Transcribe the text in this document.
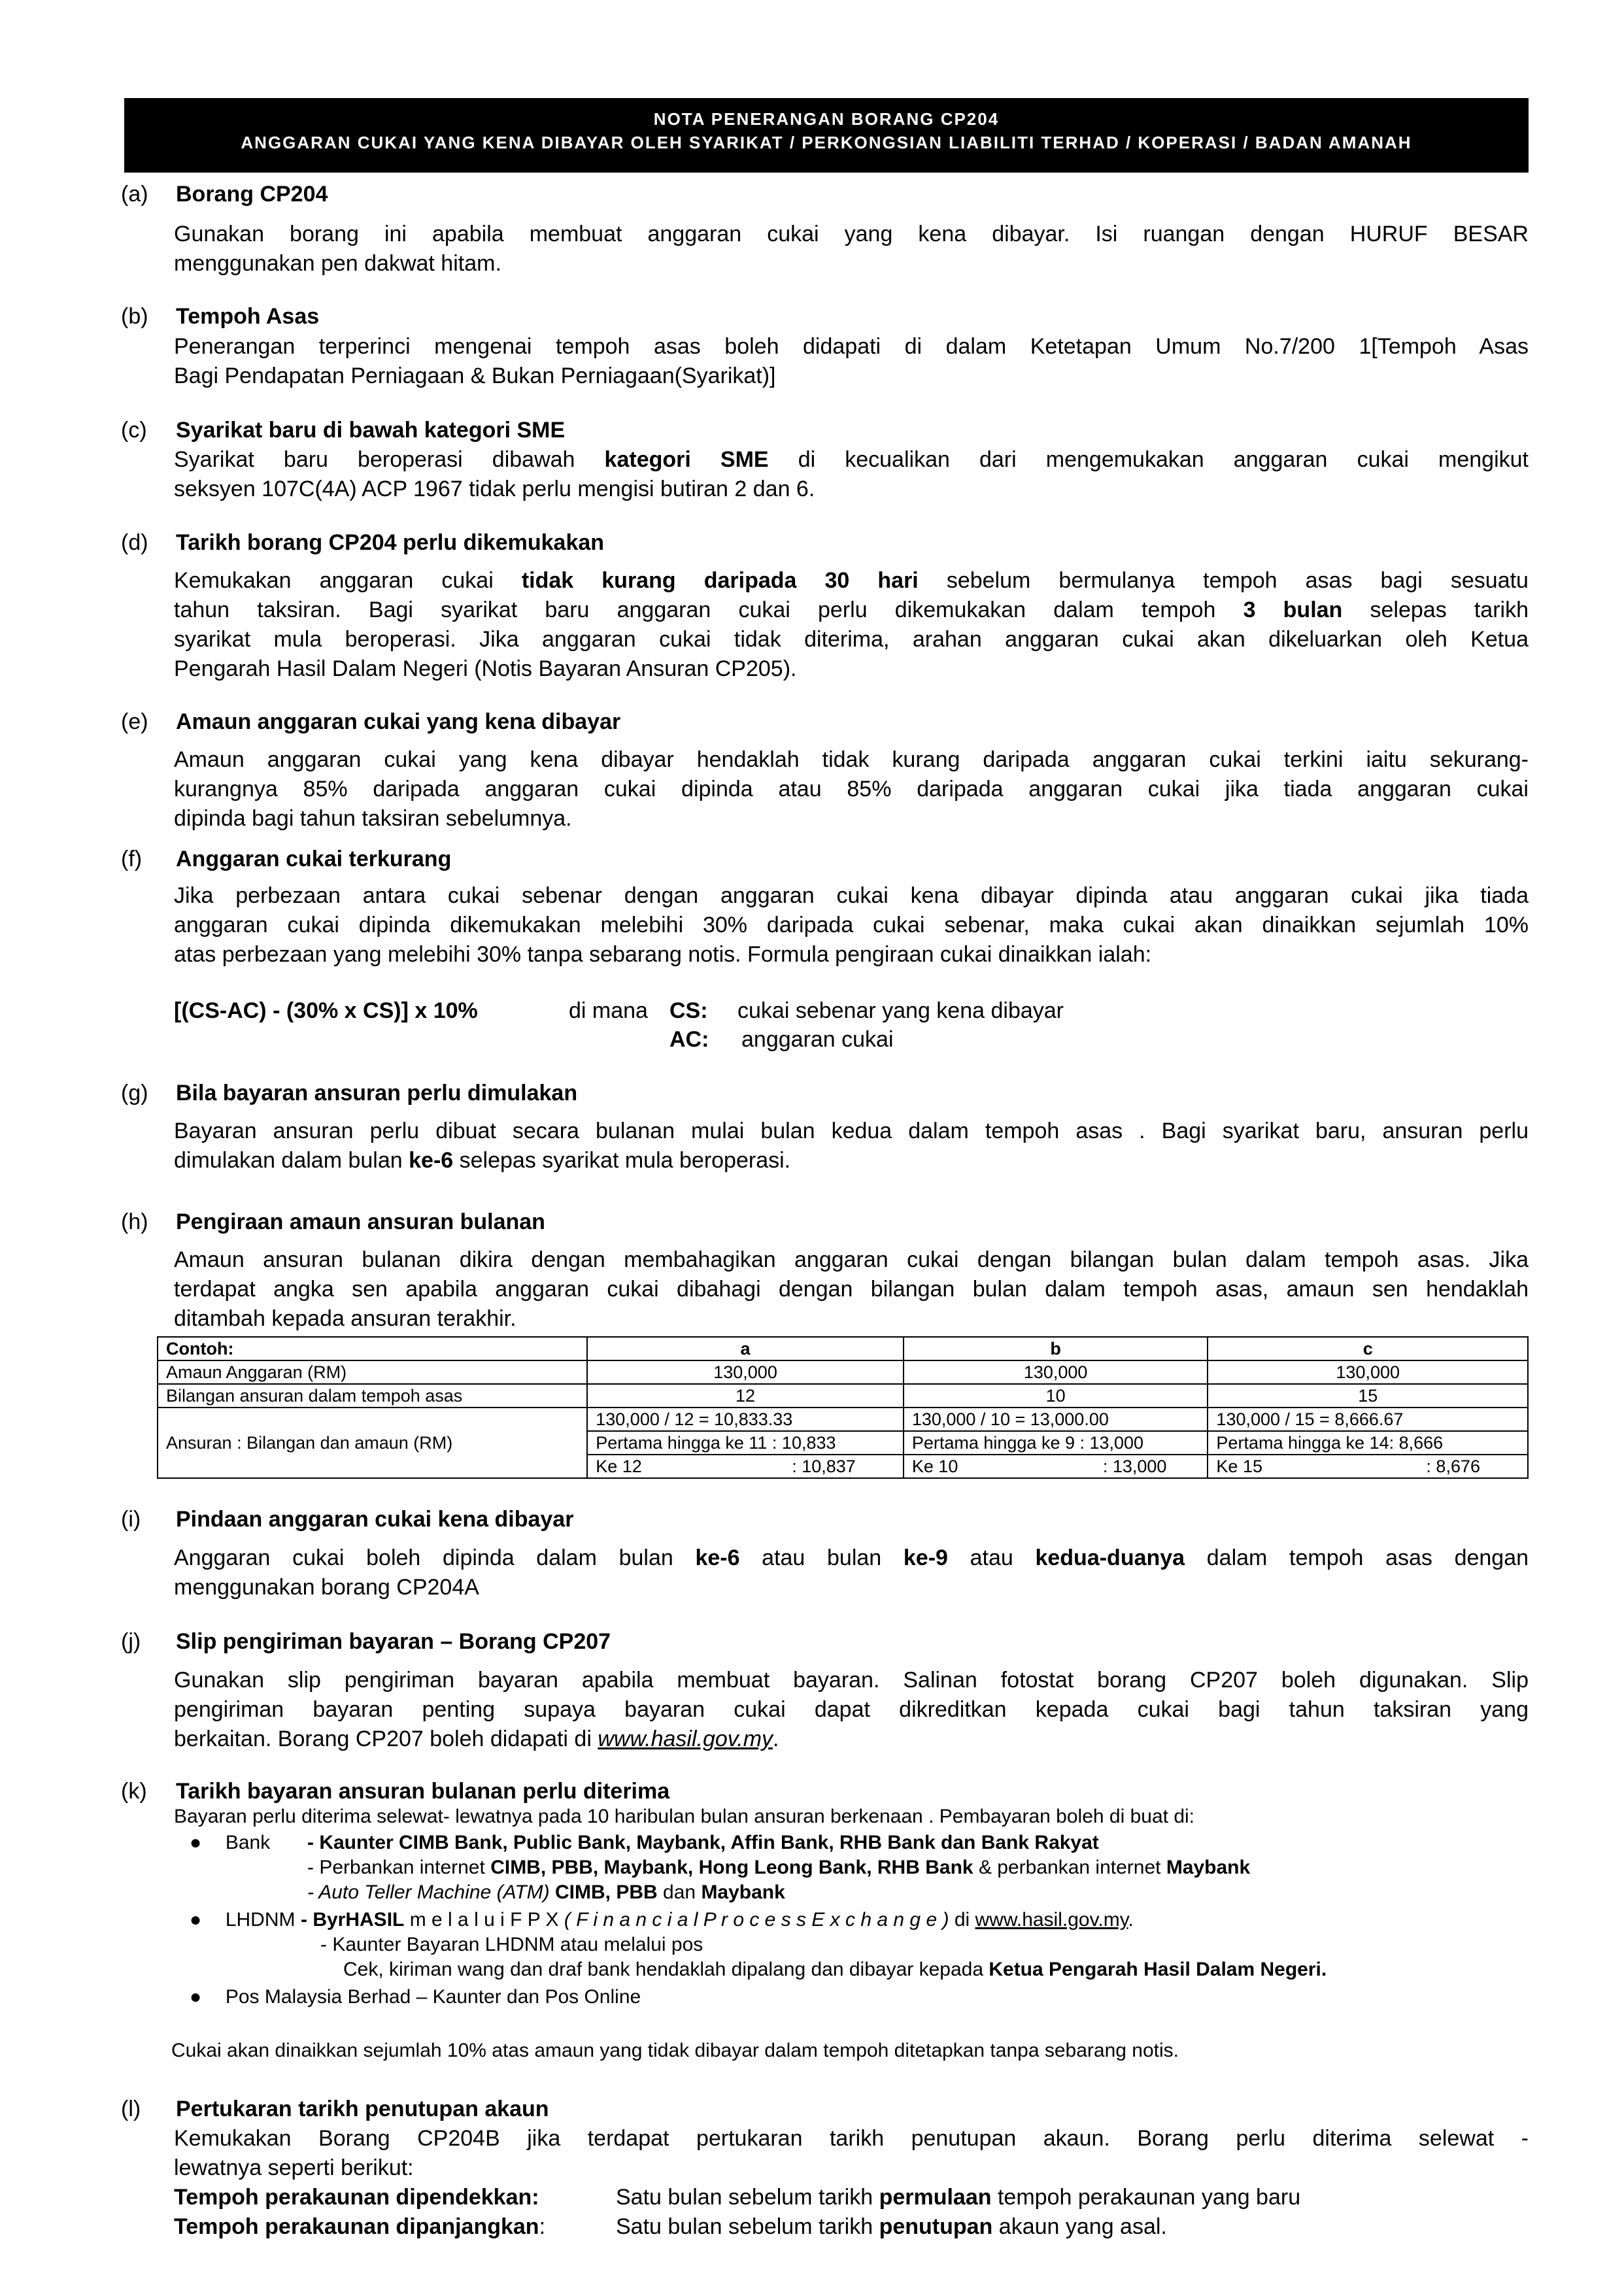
NOTA PENERANGAN BORANG CP204
ANGGARAN CUKAI YANG KENA DIBAYAR OLEH SYARIKAT / PERKONGSIAN LIABILITI TERHAD / KOPERASI / BADAN AMANAH
(a) Borang CP204
Gunakan borang ini apabila membuat anggaran cukai yang kena dibayar. Isi ruangan dengan HURUF BESAR
menggunakan pen dakwat hitam.
(b) Tempoh Asas
Penerangan terperinci mengenai tempoh asas boleh didapati di dalam Ketetapan Umum No.7/200 1[Tempoh Asas
Bagi Pendapatan Perniagaan & Bukan Perniagaan(Syarikat)]
(c) Syarikat baru di bawah kategori SME
Syarikat baru beroperasi dibawah kategori SME di kecualikan dari mengemukakan anggaran cukai mengikut
seksyen 107C(4A) ACP 1967 tidak perlu mengisi butiran 2 dan 6.
(d) Tarikh borang CP204 perlu dikemukakan
Kemukakan anggaran cukai tidak kurang daripada 30 hari sebelum bermulanya tempoh asas bagi sesuatu
tahun taksiran. Bagi syarikat baru anggaran cukai perlu dikemukakan dalam tempoh 3 bulan selepas tarikh
syarikat mula beroperasi. Jika anggaran cukai tidak diterima, arahan anggaran cukai akan dikeluarkan oleh Ketua
Pengarah Hasil Dalam Negeri (Notis Bayaran Ansuran CP205).
(e) Amaun anggaran cukai yang kena dibayar
Amaun anggaran cukai yang kena dibayar hendaklah tidak kurang daripada anggaran cukai terkini iaitu sekurang-
kurangnya 85% daripada anggaran cukai dipinda atau 85% daripada anggaran cukai jika tiada anggaran cukai
dipinda bagi tahun taksiran sebelumnya.
(f) Anggaran cukai terkurang
Jika perbezaan antara cukai sebenar dengan anggaran cukai kena dibayar dipinda atau anggaran cukai jika tiada
anggaran cukai dipinda dikemukakan melebihi 30% daripada cukai sebenar, maka cukai akan dinaikkan sejumlah 10%
atas perbezaan yang melebihi 30% tanpa sebarang notis. Formula pengiraan cukai dinaikkan ialah:
[(CS-AC) - (30% x CS)] x 10%	di mana CS:	cukai sebenar yang kena dibayar
AC:	anggaran cukai
(g) Bila bayaran ansuran perlu dimulakan
Bayaran ansuran perlu dibuat secara bulanan mulai bulan kedua dalam tempoh asas . Bagi syarikat baru, ansuran perlu
dimulakan dalam bulan ke-6 selepas syarikat mula beroperasi.
(h) Pengiraan amaun ansuran bulanan
Amaun ansuran bulanan dikira dengan membahagikan anggaran cukai dengan bilangan bulan dalam tempoh asas. Jika
terdapat angka sen apabila anggaran cukai dibahagi dengan bilangan bulan dalam tempoh asas, amaun sen hendaklah
ditambah kepada ansuran terakhir.
Contoh:	a	b	c
Amaun Anggaran (RM)	130,000	130,000	130,000
Bilangan ansuran dalam tempoh asas	12	10	15
Ansuran : Bilangan dan amaun (RM)	130,000 / 12 = 10,833.33	130,000 / 10 = 13,000.00	130,000 / 15 = 8,666.67
	Pertama hingga ke 11 : 10,833	Pertama hingga ke 9 : 13,000	Pertama hingga ke 14: 8,666

	Ke 12 : 10,837	Ke 10 : 13,000	Ke 15 : 8,676
(i) Pindaan anggaran cukai kena dibayar
Anggaran cukai boleh dipinda dalam bulan ke-6 atau bulan ke-9 atau kedua-duanya dalam tempoh asas dengan
menggunakan borang CP204A
(j) Slip pengiriman bayaran – Borang CP207
Gunakan slip pengiriman bayaran apabila membuat bayaran. Salinan fotostat borang CP207 boleh digunakan. Slip
pengiriman bayaran penting supaya bayaran cukai dapat dikreditkan kepada cukai bagi tahun taksiran yang
berkaitan. Borang CP207 boleh didapati di www.hasil.gov.my.
(k) Tarikh bayaran ansuran bulanan perlu diterima
Bayaran perlu diterima selewat- lewatnya pada 10 haribulan bulan ansuran berkenaan . Pembayaran boleh di buat di:
● Bank - Kaunter CIMB Bank, Public Bank, Maybank, Affin Bank, RHB Bank dan Bank Rakyat
- Perbankan internet CIMB, PBB, Maybank, Hong Leong Bank, RHB Bank & perbankan internet Maybank
- Auto Teller Machine (ATM) CIMB, PBB dan Maybank
● LHDNM - ByrHASIL m e l a l u i F P X ( F i n a n c i a l P r o c e s s E x c h a n g e ) di www.hasil.gov.my.
- Kaunter Bayaran LHDNM atau melalui pos
Cek, kiriman wang dan draf bank hendaklah dipalang dan dibayar kepada Ketua Pengarah Hasil Dalam Negeri.
● Pos Malaysia Berhad – Kaunter dan Pos Online
Cukai akan dinaikkan sejumlah 10% atas amaun yang tidak dibayar dalam tempoh ditetapkan tanpa sebarang notis.
(l) Pertukaran tarikh penutupan akaun
Kemukakan Borang CP204B jika terdapat pertukaran tarikh penutupan akaun. Borang perlu diterima selewat -
lewatnya seperti berikut:
Tempoh perakaunan dipendekkan:	Satu bulan sebelum tarikh permulaan tempoh perakaunan yang baru
Tempoh perakaunan dipanjangkan:	Satu bulan sebelum tarikh penutupan akaun yang asal.
